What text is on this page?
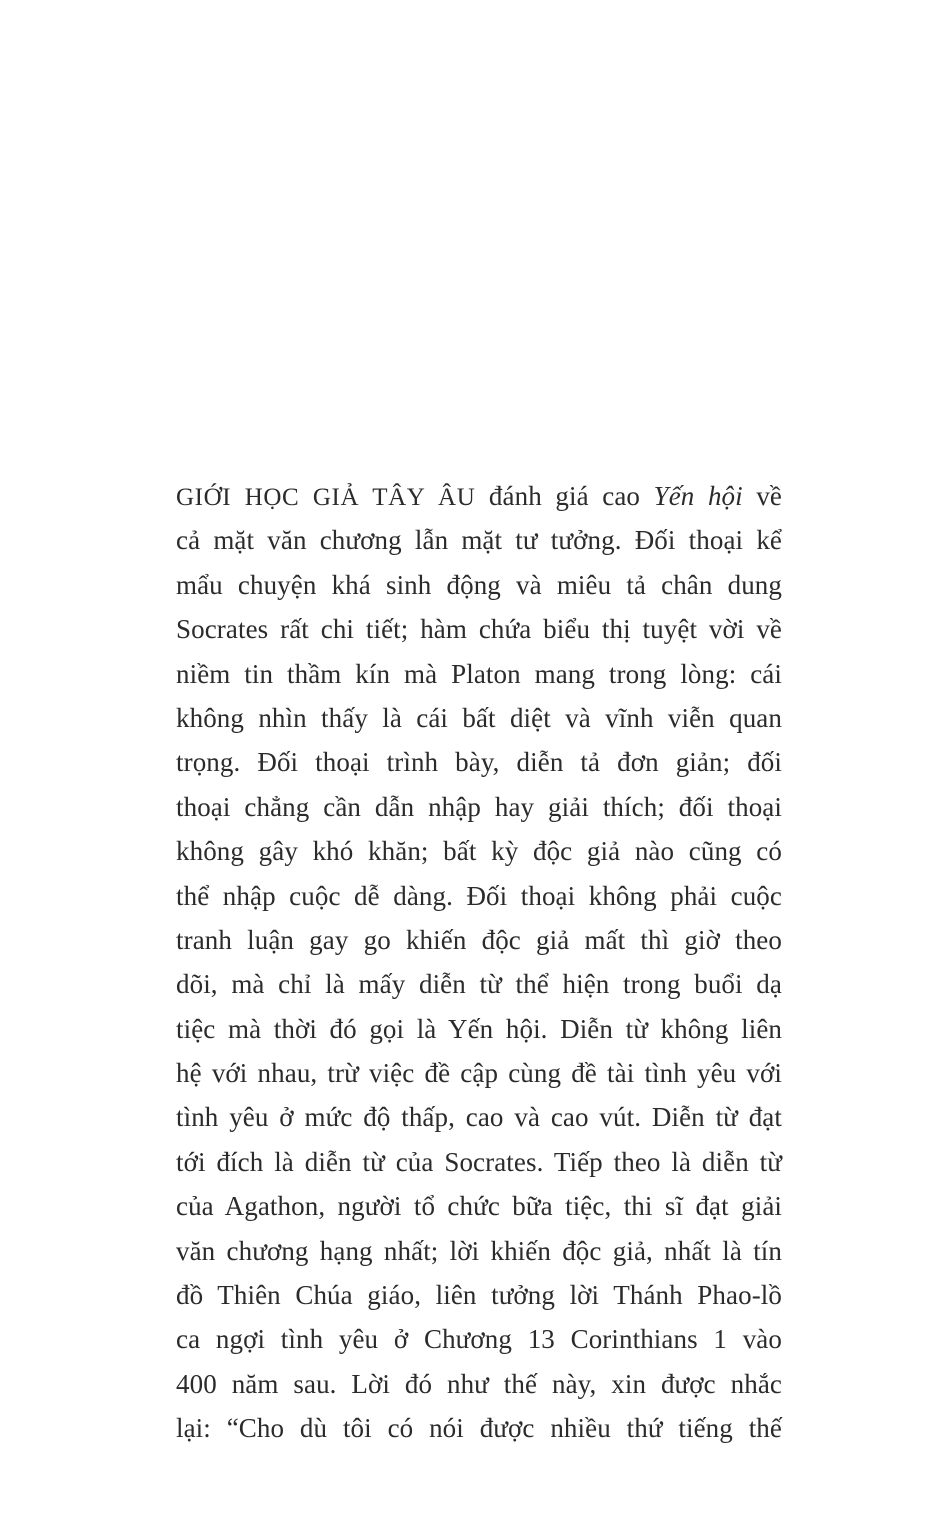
GIỚI HỌC GIẢ TÂY ÂU đánh giá cao Yến hội về
cả mặt văn chương lẫn mặt tư tưởng. Đối thoại kể
mẩu chuyện khá sinh động và miêu tả chân dung
Socrates rất chi tiết; hàm chứa biểu thị tuyệt vời về
niềm tin thầm kín mà Platon mang trong lòng: cái
không nhìn thấy là cái bất diệt và vĩnh viễn quan
trọng. Đối thoại trình bày, diễn tả đơn giản; đối
thoại chẳng cần dẫn nhập hay giải thích; đối thoại
không gây khó khăn; bất kỳ độc giả nào cũng có
thể nhập cuộc dễ dàng. Đối thoại không phải cuộc
tranh luận gay go khiến độc giả mất thì giờ theo
dõi, mà chỉ là mấy diễn từ thể hiện trong buổi dạ
tiệc mà thời đó gọi là Yến hội. Diễn từ không liên
hệ với nhau, trừ việc đề cập cùng đề tài tình yêu với
tình yêu ở mức độ thấp, cao và cao vút. Diễn từ đạt
tới đích là diễn từ của Socrates. Tiếp theo là diễn từ
của Agathon, người tổ chức bữa tiệc, thi sĩ đạt giải
văn chương hạng nhất; lời khiến độc giả, nhất là tín
đồ Thiên Chúa giáo, liên tưởng lời Thánh Phao-lồ
ca ngợi tình yêu ở Chương 13 Corinthians 1 vào
400 năm sau. Lời đó như thế này, xin được nhắc
lại: “Cho dù tôi có nói được nhiều thứ tiếng thế
